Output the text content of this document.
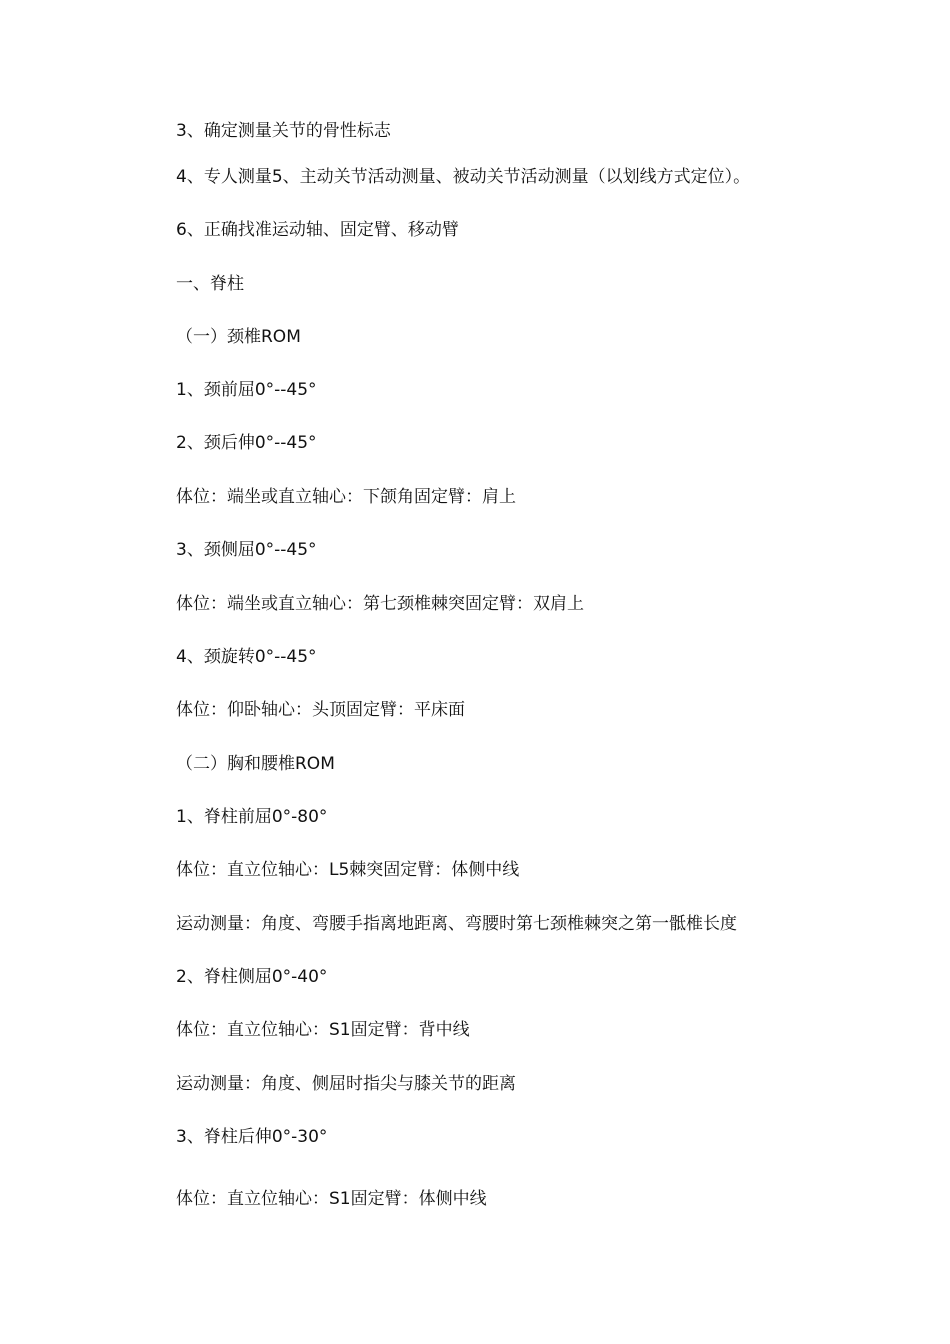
3、确定测量关节的骨性标志
4、专人测量5、主动关节活动测量、被动关节活动测量（以划线方式定位）。
6、正确找准运动轴、固定臂、移动臂
一、脊柱
（一）颈椎ROM
1、颈前屈0°--45°
2、颈后伸0°--45°
体位：端坐或直立轴心：下颌角固定臂：肩上
3、颈侧屈0°--45°
体位：端坐或直立轴心：第七颈椎棘突固定臂：双肩上
4、颈旋转0°--45°
体位：仰卧轴心：头顶固定臂：平床面
（二）胸和腰椎ROM
1、脊柱前屈0°-80°
体位：直立位轴心：L5棘突固定臂：体侧中线
运动测量：角度、弯腰手指离地距离、弯腰时第七颈椎棘突之第一骶椎长度
2、脊柱侧屈0°-40°
体位：直立位轴心：S1固定臂：背中线
运动测量：角度、侧屈时指尖与膝关节的距离
3、脊柱后伸0°-30°
体位：直立位轴心：S1固定臂：体侧中线
